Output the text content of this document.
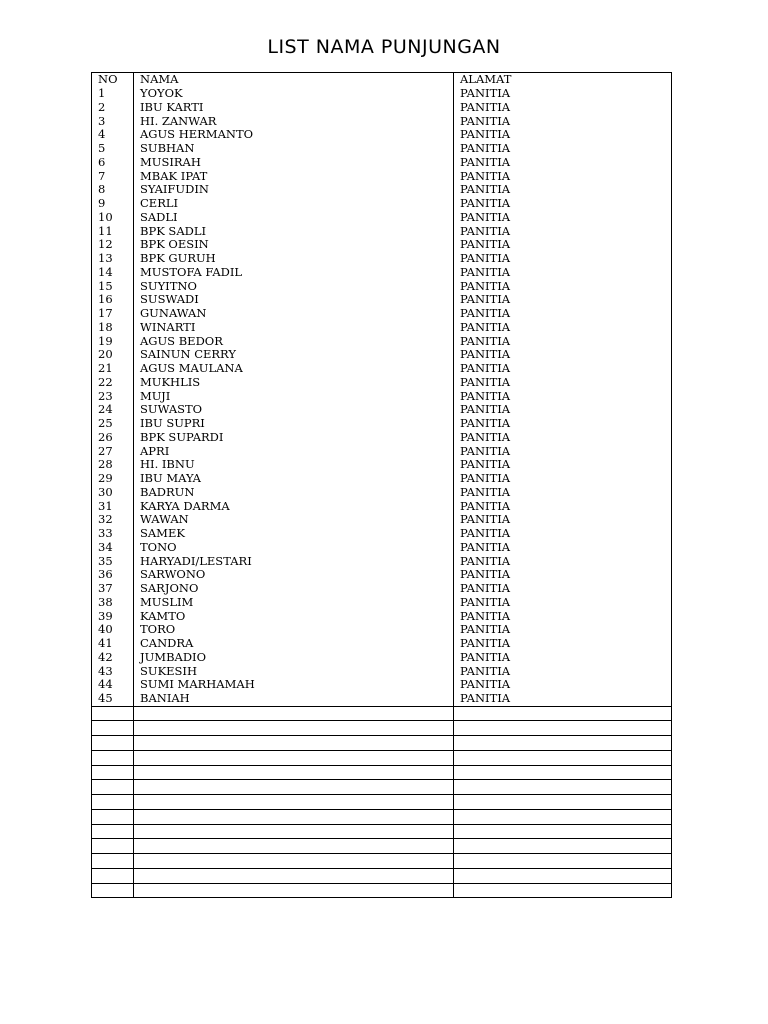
LIST NAMA PUNJUNGAN
NO	NAMA	ALAMAT
1	YOYOK	PANITIA
2	IBU KARTI	PANITIA
3	HI. ZANWAR	PANITIA
4	AGUS HERMANTO	PANITIA
5	SUBHAN	PANITIA
6	MUSIRAH	PANITIA
7	MBAK IPAT	PANITIA
8	SYAIFUDIN	PANITIA
9	CERLI	PANITIA
10	SADLI	PANITIA
11	BPK SADLI	PANITIA
12	BPK OESIN	PANITIA
13	BPK GURUH	PANITIA
14	MUSTOFA FADIL	PANITIA
15	SUYITNO	PANITIA
16	SUSWADI	PANITIA
17	GUNAWAN	PANITIA
18	WINARTI	PANITIA
19	AGUS BEDOR	PANITIA
20	SAINUN CERRY	PANITIA
21	AGUS MAULANA	PANITIA
22	MUKHLIS	PANITIA
23	MUJI	PANITIA
24	SUWASTO	PANITIA
25	IBU SUPRI	PANITIA
26	BPK SUPARDI	PANITIA
27	APRI	PANITIA
28	HI. IBNU	PANITIA
29	IBU MAYA	PANITIA
30	BADRUN	PANITIA
31	KARYA DARMA	PANITIA
32	WAWAN	PANITIA
33	SAMEK	PANITIA
34	TONO	PANITIA
35	HARYADI/LESTARI	PANITIA
36	SARWONO	PANITIA
37	SARJONO	PANITIA
38	MUSLIM	PANITIA
39	KAMTO	PANITIA
40	TORO	PANITIA
41	CANDRA	PANITIA
42	JUMBADIO	PANITIA
43	SUKESIH	PANITIA
44	SUMI MARHAMAH	PANITIA
45	BANIAH	PANITIA
